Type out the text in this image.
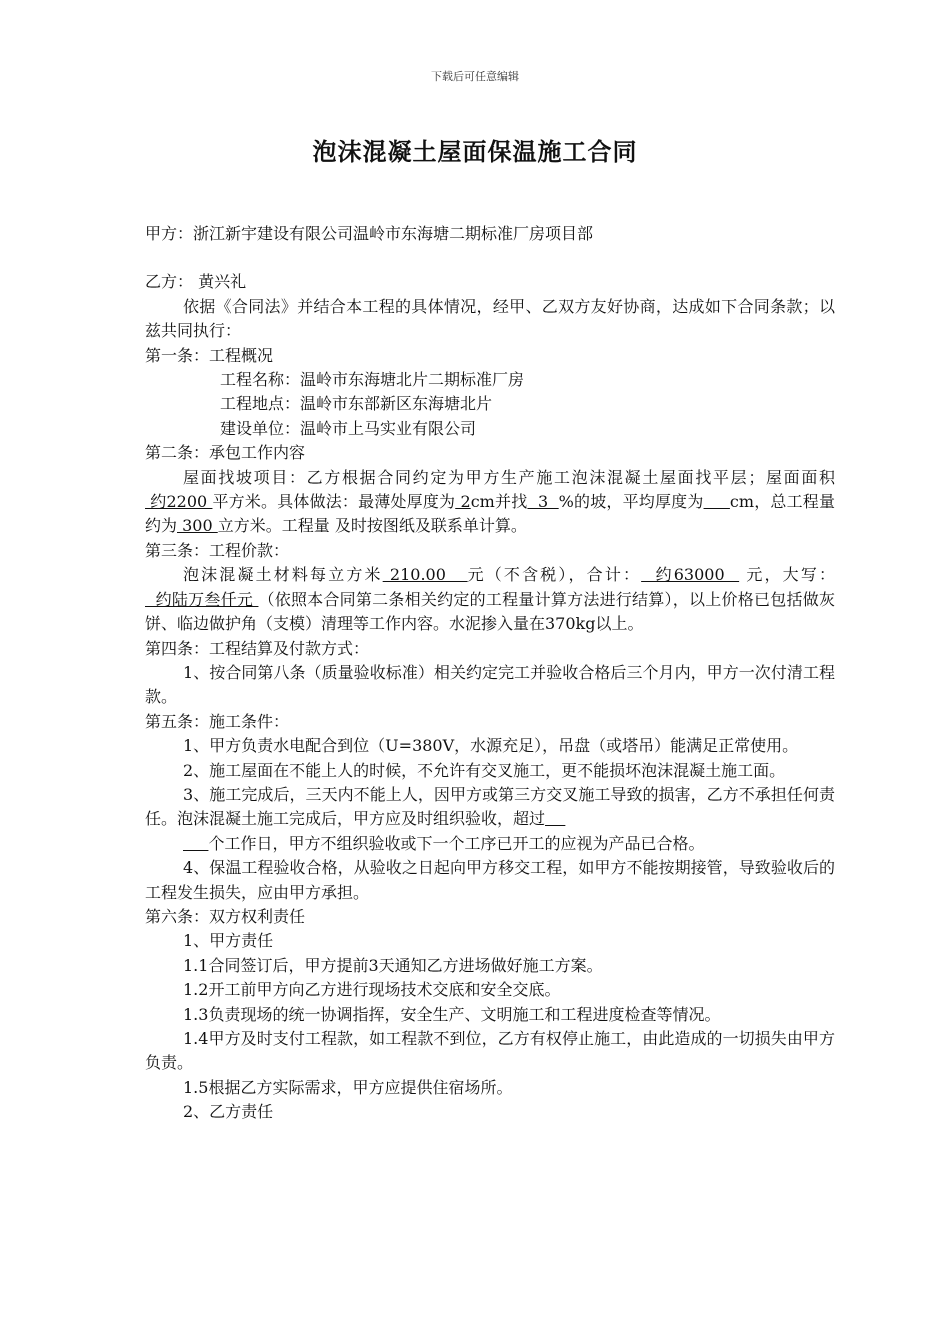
下载后可任意编辑
泡沫混凝土屋面保温施工合同

甲方：浙江新宇建设有限公司温岭市东海塘二期标准厂房项目部

乙方： 黄兴礼

依据《合同法》并结合本工程的具体情况，经甲、乙双方友好协商，达成如下合同条款；以兹共同执行：

第一条：工程概况

工程名称：温岭市东海塘北片二期标准厂房

工程地点：温岭市东部新区东海塘北片

建设单位：温岭市上马实业有限公司

第二条：承包工作内容

屋面找坡项目：乙方根据合同约定为甲方生产施工泡沫混凝土屋面找平层；屋面面积 约2200 平方米。具体做法：最薄处厚度为 2cm并找  3  %的坡，平均厚度为 cm，总工程量约为 300 立方米。工程量 及时按图纸及联系单计算。

第三条：工程价款：

泡沫混凝土材料每立方米 210.00   元（不含税），合计：  约63000   元，大写：  约陆万叁仟元 （依照本合同第二条相关约定的工程量计算方法进行结算），以上价格已包括做灰饼、临边做护角（支模）清理等工作内容。水泥掺入量在370kg以上。

第四条：工程结算及付款方式：

1、按合同第八条（质量验收标准）相关约定完工并验收合格后三个月内，甲方一次付清工程款。

第五条：施工条件：

1、甲方负责水电配合到位（U=380V，水源充足），吊盘（或塔吊）能满足正常使用。

2、施工屋面在不能上人的时候，不允许有交叉施工，更不能损坏泡沫混凝土施工面。

3、施工完成后，三天内不能上人，因甲方或第三方交叉施工导致的损害，乙方不承担任何责任。泡沫混凝土施工完成后，甲方应及时组织验收，超过

个工作日，甲方不组织验收或下一个工序已开工的应视为产品已合格。

4、保温工程验收合格，从验收之日起向甲方移交工程，如甲方不能按期接管，导致验收后的工程发生损失，应由甲方承担。

第六条：双方权利责任

1、甲方责任

1.1合同签订后，甲方提前3天通知乙方进场做好施工方案。

1.2开工前甲方向乙方进行现场技术交底和安全交底。

1.3负责现场的统一协调指挥，安全生产、文明施工和工程进度检查等情况。

1.4甲方及时支付工程款，如工程款不到位，乙方有权停止施工，由此造成的一切损失由甲方负责。

1.5根据乙方实际需求，甲方应提供住宿场所。

2、乙方责任
